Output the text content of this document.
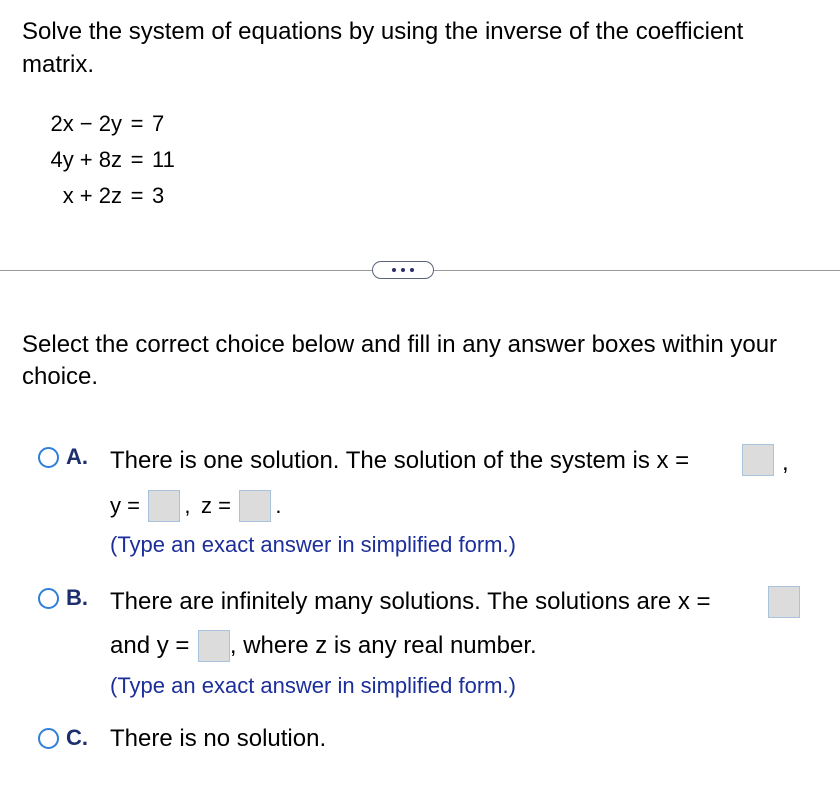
Solve the system of equations by using the inverse of the coefficient
matrix.
2x − 2y = 7
4y + 8z = 11
x + 2z = 3
Select the correct choice below and fill in any answer boxes within your
choice.
A. There is one solution. The solution of the system is x =	,
y = , z = .
(Type an exact answer in simplified form.)
B. There are infinitely many solutions. The solutions are x =
and y = , where z is any real number.
(Type an exact answer in simplified form.)
C. There is no solution.
